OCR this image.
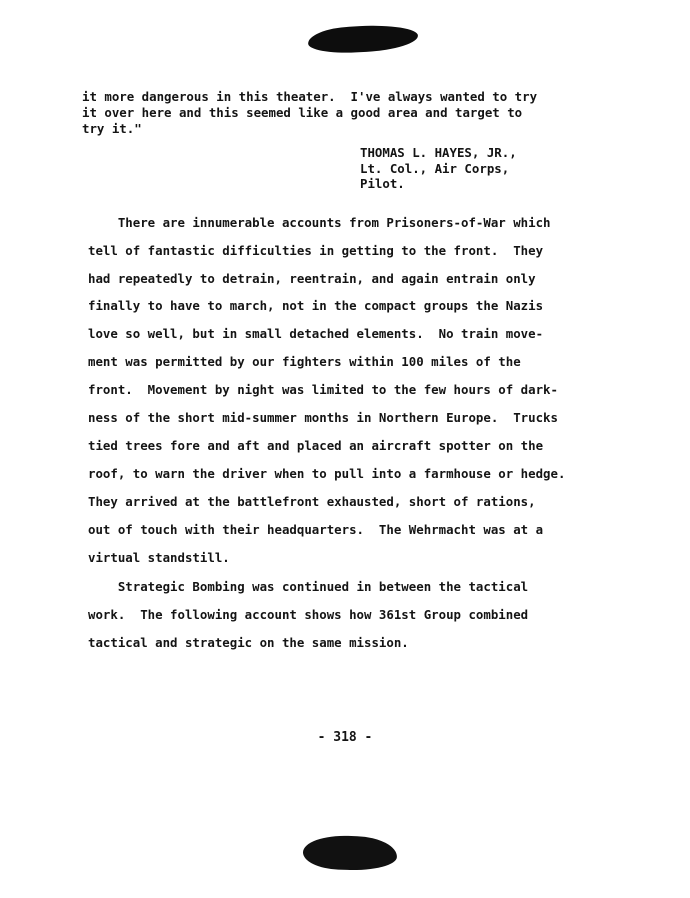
it more dangerous in this theater.  I've always wanted to try
it over here and this seemed like a good area and target to
try it."
THOMAS L. HAYES, JR.,
Lt. Col., Air Corps,
Pilot.
There are innumerable accounts from Prisoners-of-War which
tell of fantastic difficulties in getting to the front.  They
had repeatedly to detrain, reentrain, and again entrain only
finally to have to march, not in the compact groups the Nazis
love so well, but in small detached elements.  No train move-
ment was permitted by our fighters within 100 miles of the
front.  Movement by night was limited to the few hours of dark-
ness of the short mid-summer months in Northern Europe.  Trucks
tied trees fore and aft and placed an aircraft spotter on the
roof, to warn the driver when to pull into a farmhouse or hedge.
They arrived at the battlefront exhausted, short of rations,
out of touch with their headquarters.  The Wehrmacht was at a
virtual standstill.
Strategic Bombing was continued in between the tactical
work.  The following account shows how 361st Group combined
tactical and strategic on the same mission.
- 318 -
